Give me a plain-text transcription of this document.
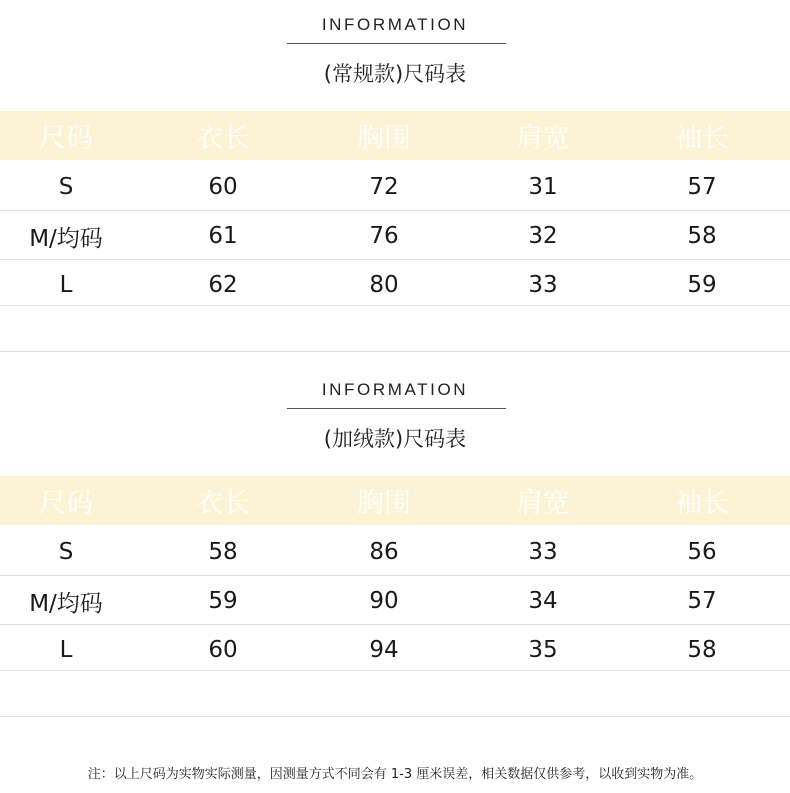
INFORMATION
(常规款)尺码表
尺码	衣长	胸围	肩宽	袖长
S	60	72	31	57
M/均码	61	76	32	58
L	62	80	33	59
INFORMATION
(加绒款)尺码表
尺码	衣长	胸围	肩宽	袖长
S	58	86	33	56
M/均码	59	90	34	57
L	60	94	35	58
注：以上尺码为实物实际测量，因测量方式不同会有 1-3 厘米误差，相关数据仅供参考，以收到实物为准。
